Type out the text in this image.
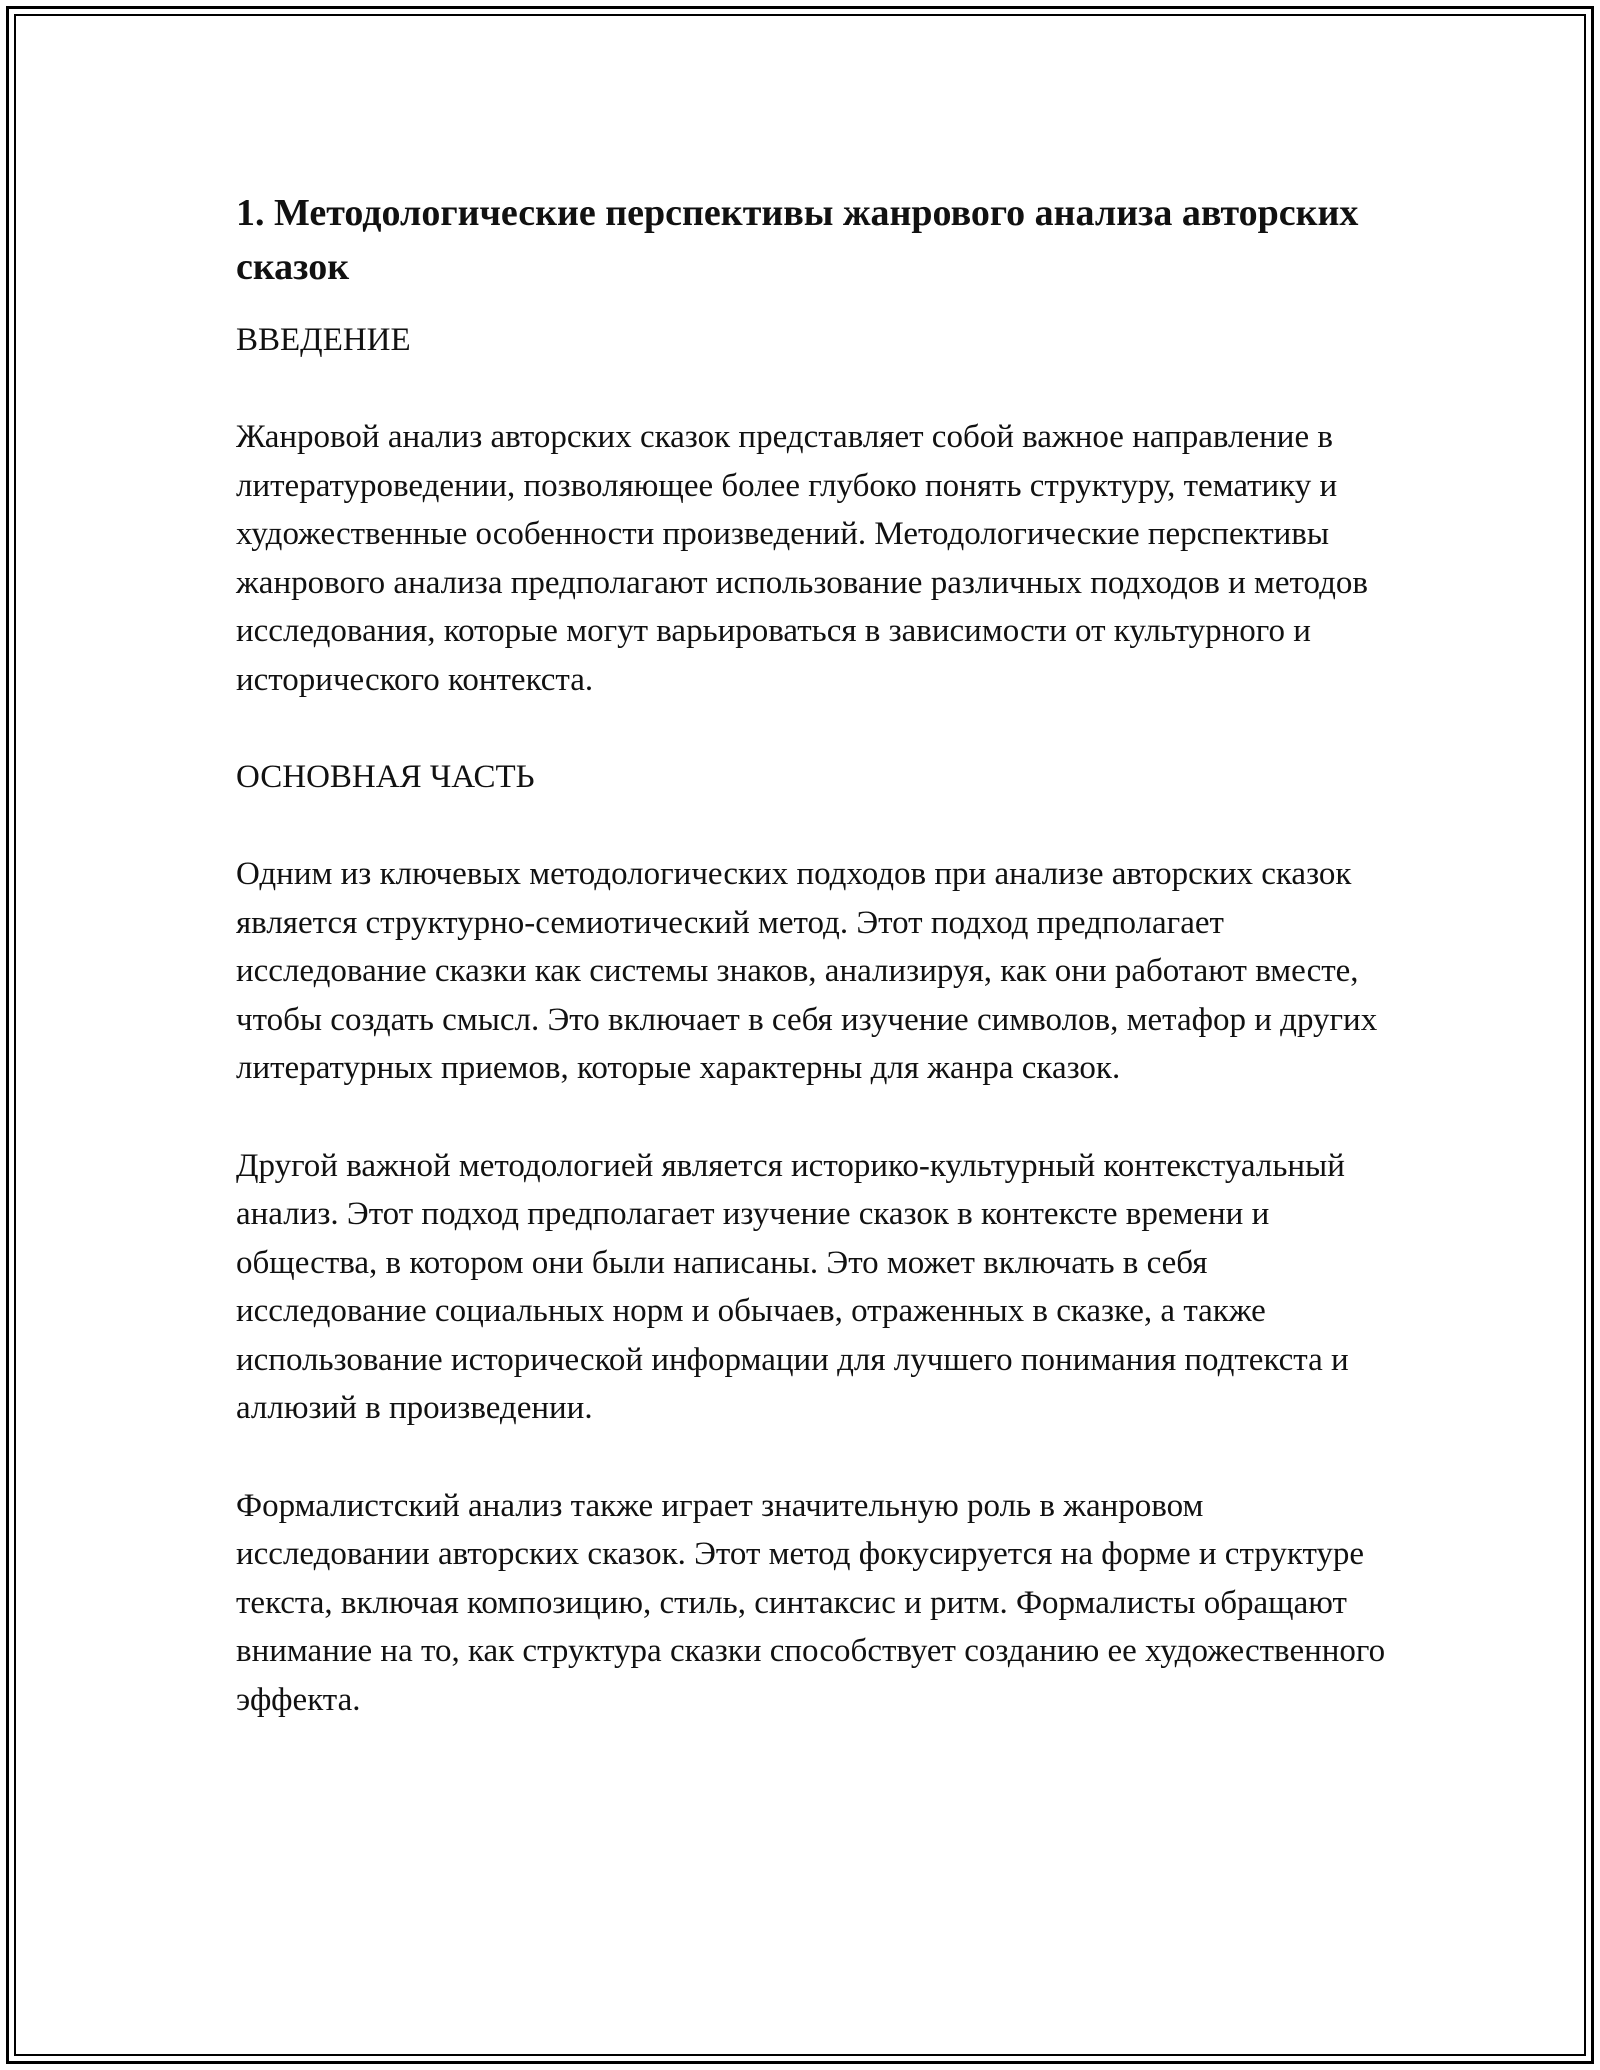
1. Методологические перспективы жанрового анализа авторских сказок

ВВЕДЕНИЕ

Жанровой анализ авторских сказок представляет собой важное направление в литературоведении, позволяющее более глубоко понять структуру, тематику и художественные особенности произведений. Методологические перспективы жанрового анализа предполагают использование различных подходов и методов исследования, которые могут варьироваться в зависимости от культурного и исторического контекста.

ОСНОВНАЯ ЧАСТЬ

Одним из ключевых методологических подходов при анализе авторских сказок является структурно-семиотический метод. Этот подход предполагает исследование сказки как системы знаков, анализируя, как они работают вместе, чтобы создать смысл. Это включает в себя изучение символов, метафор и других литературных приемов, которые характерны для жанра сказок.

Другой важной методологией является историко-культурный контекстуальный анализ. Этот подход предполагает изучение сказок в контексте времени и общества, в котором они были написаны. Это может включать в себя исследование социальных норм и обычаев, отраженных в сказке, а также использование исторической информации для лучшего понимания подтекста и аллюзий в произведении.

Формалистский анализ также играет значительную роль в жанровом исследовании авторских сказок. Этот метод фокусируется на форме и структуре текста, включая композицию, стиль, синтаксис и ритм. Формалисты обращают внимание на то, как структура сказки способствует созданию ее художественного эффекта.
